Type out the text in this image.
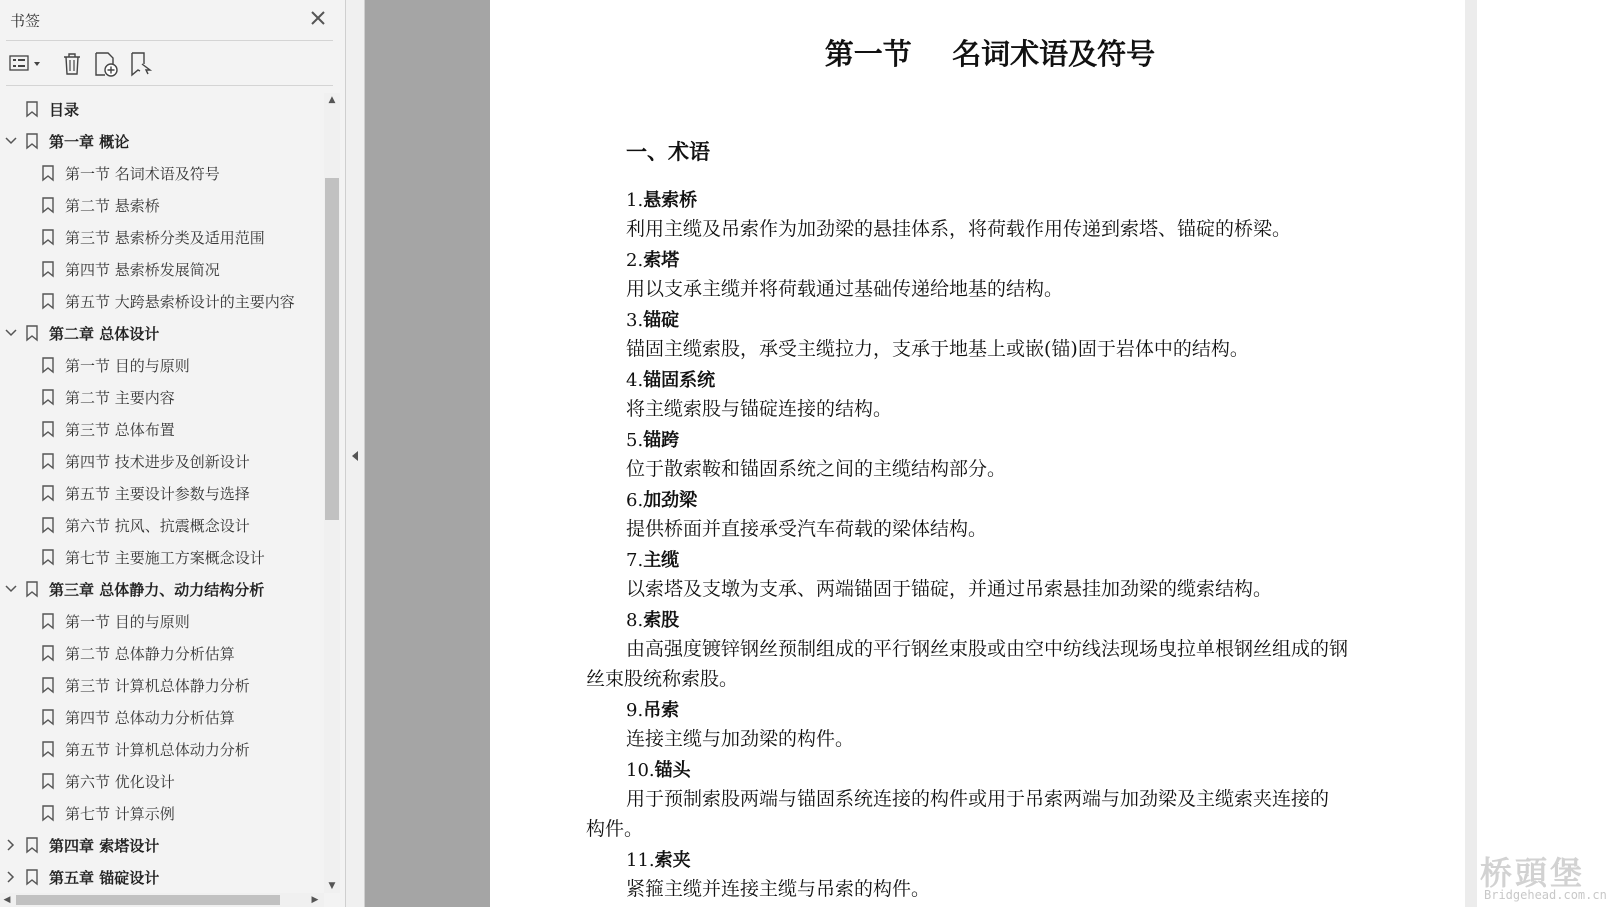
书签
目录
第一章 概论
第一节 名词术语及符号
第二节 悬索桥
第三节 悬索桥分类及适用范围
第四节 悬索桥发展简况
第五节 大跨悬索桥设计的主要内容
第二章 总体设计
第一节 目的与原则
第二节 主要内容
第三节 总体布置
第四节 技术进步及创新设计
第五节 主要设计参数与选择
第六节 抗风、抗震概念设计
第七节 主要施工方案概念设计
第三章 总体静力、动力结构分析
第一节 目的与原则
第二节 总体静力分析估算
第三节 计算机总体静力分析
第四节 总体动力分析估算
第五节 计算机总体动力分析
第六节 优化设计
第七节 计算示例
第四章 索塔设计
第五章 锚碇设计
▲
▼
◀	▶
第一节    名词术语及符号
一、术语
1.悬索桥
利用主缆及吊索作为加劲梁的悬挂体系，将荷载作用传递到索塔、锚碇的桥梁。
2.索塔
用以支承主缆并将荷载通过基础传递给地基的结构。
3.锚碇
锚固主缆索股，承受主缆拉力，支承于地基上或嵌(锚)固于岩体中的结构。
4.锚固系统
将主缆索股与锚碇连接的结构。
5.锚跨
位于散索鞍和锚固系统之间的主缆结构部分。
6.加劲梁
提供桥面并直接承受汽车荷载的梁体结构。
7.主缆
以索塔及支墩为支承、两端锚固于锚碇，并通过吊索悬挂加劲梁的缆索结构。
8.索股
由高强度镀锌钢丝预制组成的平行钢丝束股或由空中纺线法现场曳拉单根钢丝组成的钢
丝束股统称索股。
9.吊索
连接主缆与加劲梁的构件。
10.锚头
用于预制索股两端与锚固系统连接的构件或用于吊索两端与加劲梁及主缆索夹连接的
构件。
11.索夹
紧箍主缆并连接主缆与吊索的构件。	桥頭堡
Bridgehead.com.cn
